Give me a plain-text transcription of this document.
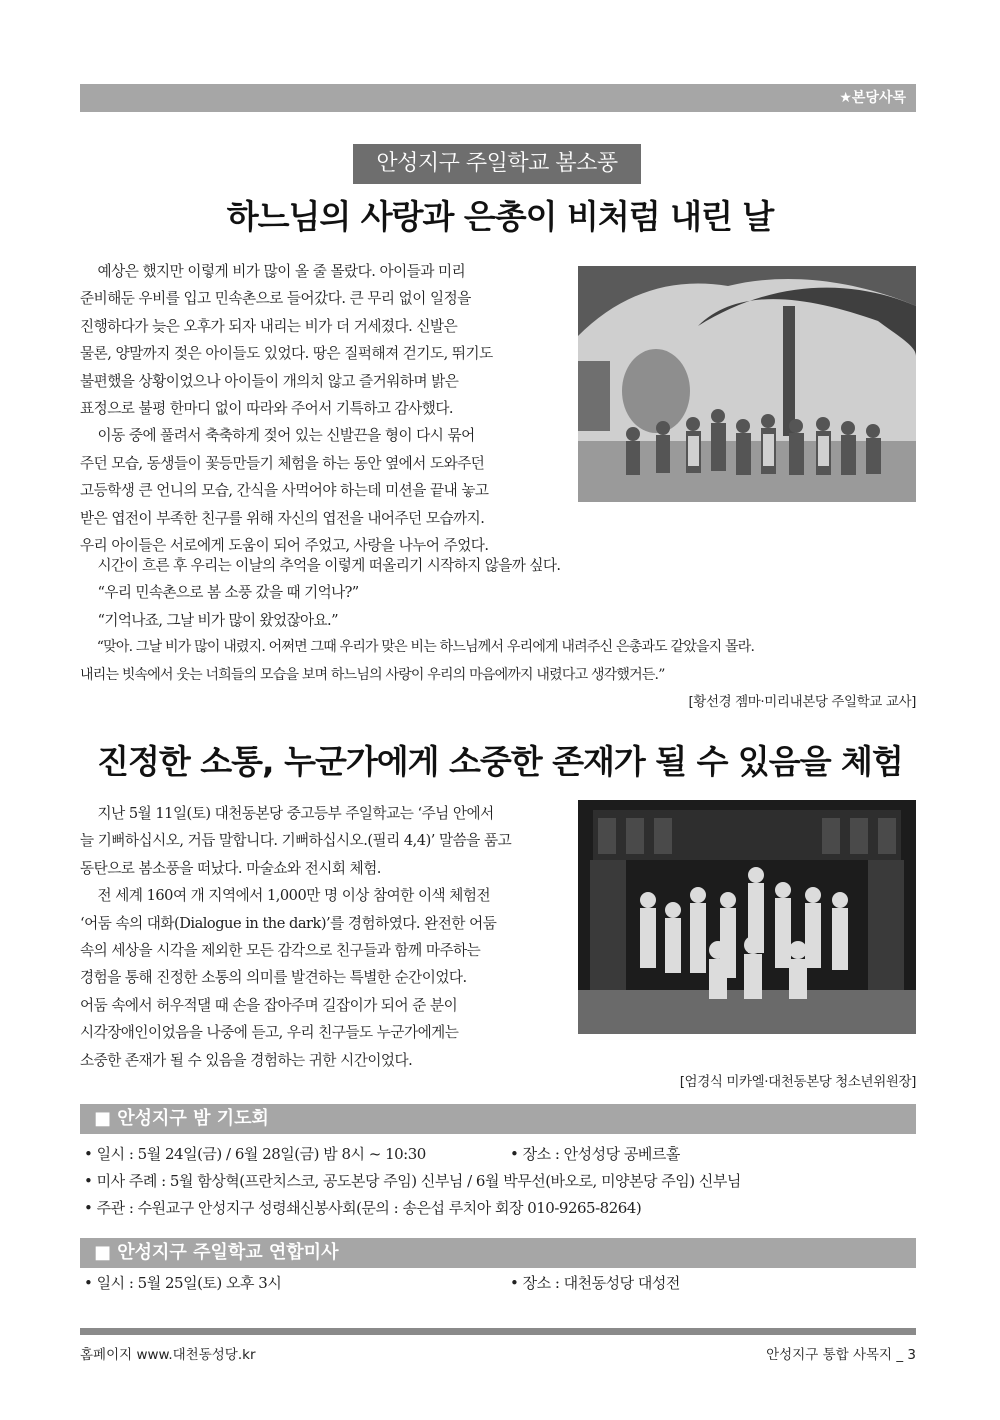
★본당사목
안성지구 주일학교 봄소풍
하느님의 사랑과 은총이 비처럼 내린 날

예상은 했지만 이렇게 비가 많이 올 줄 몰랐다. 아이들과 미리

준비해둔 우비를 입고 민속촌으로 들어갔다. 큰 무리 없이 일정을
진행하다가 늦은 오후가 되자 내리는 비가 더 거세졌다. 신발은
물론, 양말까지 젖은 아이들도 있었다. 땅은 질퍽해져 걷기도, 뛰기도
불편했을 상황이었으나 아이들이 개의치 않고 즐거워하며 밝은
표정으로 불평 한마디 없이 따라와 주어서 기특하고 감사했다.

이동 중에 풀려서 축축하게 젖어 있는 신발끈을 형이 다시 묶어

주던 모습, 동생들이 꽃등만들기 체험을 하는 동안 옆에서 도와주던
고등학생 큰 언니의 모습, 간식을 사먹어야 하는데 미션을 끝내 놓고
받은 엽전이 부족한 친구를 위해 자신의 엽전을 내어주던 모습까지.
우리 아이들은 서로에게 도움이 되어 주었고, 사랑을 나누어 주었다.

시간이 흐른 후 우리는 이날의 추억을 이렇게 떠올리기 시작하지 않을까 싶다.

“우리 민속촌으로 봄 소풍 갔을 때 기억나?”

“기억나죠, 그날 비가 많이 왔었잖아요.”

“맞아. 그날 비가 많이 내렸지. 어쩌면 그때 우리가 맞은 비는 하느님께서 우리에게 내려주신 은총과도 같았을지 몰라.

내리는 빗속에서 웃는 너희들의 모습을 보며 하느님의 사랑이 우리의 마음에까지 내렸다고 생각했거든.”
[황선경 젬마·미리내본당 주일학교 교사]
진정한 소통, 누군가에게 소중한 존재가 될 수 있음을 체험

지난 5월 11일(토) 대천동본당 중고등부 주일학교는 ‘주님 안에서

늘 기뻐하십시오, 거듭 말합니다. 기뻐하십시오.(필리 4,4)’ 말씀을 품고
동탄으로 봄소풍을 떠났다. 마술쇼와 전시회 체험.

전 세계 160여 개 지역에서 1,000만 명 이상 참여한 이색 체험전

‘어둠 속의 대화(Dialogue in the dark)’를 경험하였다. 완전한 어둠
속의 세상을 시각을 제외한 모든 감각으로 친구들과 함께 마주하는
경험을 통해 진정한 소통의 의미를 발견하는 특별한 순간이었다.
어둠 속에서 허우적댈 때 손을 잡아주며 길잡이가 되어 준 분이
시각장애인이었음을 나중에 듣고, 우리 친구들도 누군가에게는
소중한 존재가 될 수 있음을 경험하는 귀한 시간이었다.
[엄경식 미카엘·대천동본당 청소년위원장]
■ 안성지구 밤 기도회
• 일시 : 5월 24일(금) / 6월 28일(금) 밤 8시 ~ 10:30	• 장소 : 안성성당 공베르홀
• 미사 주례 : 5월 함상혁(프란치스코, 공도본당 주임) 신부님 / 6월 박무선(바오로, 미양본당 주임) 신부님
• 주관 : 수원교구 안성지구 성령쇄신봉사회(문의 : 송은섭 루치아 회장 010-9265-8264)
■ 안성지구 주일학교 연합미사
• 일시 : 5월 25일(토) 오후 3시	• 장소 : 대천동성당 대성전
홈페이지 www.대천동성당.kr	안성지구 통합 사목지 _ 3
